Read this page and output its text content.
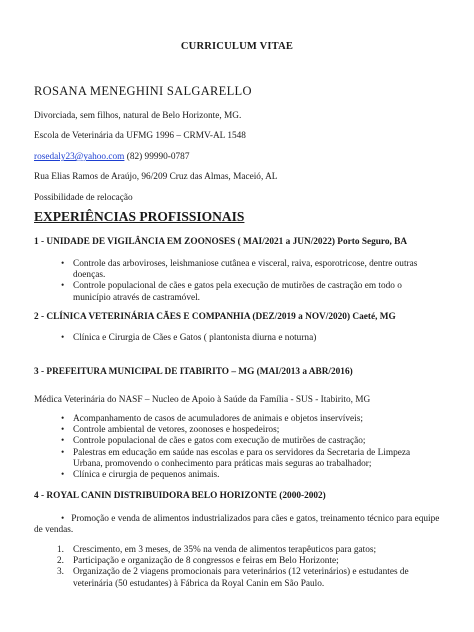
CURRICULUM VITAE
ROSANA MENEGHINI SALGARELLO
Divorciada, sem filhos, natural de Belo Horizonte, MG.
Escola de Veterinária da UFMG 1996 – CRMV-AL 1548
rosedaly23@yahoo.com (82) 99990-0787
Rua Elias Ramos de Araújo, 96/209 Cruz das Almas, Maceió, AL
Possibilidade de relocação
EXPERIÊNCIAS PROFISSIONAIS
1 - UNIDADE DE VIGILÂNCIA EM ZOONOSES ( MAI/2021 a JUN/2022) Porto Seguro, BA
• Controle das arboviroses, leishmaniose cutânea e visceral, raiva, esporotricose, dentre outras doenças.
• Controle populacional de cães e gatos pela execução de mutirões de castração em todo o município através de castramóvel.
2 - CLÍNICA VETERINÁRIA CÃES E COMPANHIA (DEZ/2019 a NOV/2020) Caeté, MG
• Clínica e Cirurgia de Cães e Gatos ( plantonista diurna e noturna)
3 - PREFEITURA MUNICIPAL DE ITABIRITO – MG (MAI/2013 a ABR/2016)
Médica Veterinária do NASF – Nucleo de Apoio à Saúde da Família - SUS - Itabirito, MG
• Acompanhamento de casos de acumuladores de animais e objetos inservíveis;
• Controle ambiental de vetores, zoonoses e hospedeiros;
• Controle populacional de cães e gatos com execução de mutirões de castração;
• Palestras em educação em saúde nas escolas e para os servidores da Secretaria de Limpeza Urbana, promovendo o conhecimento para práticas mais seguras ao trabalhador;
• Clínica e cirurgia de pequenos animais.
4 - ROYAL CANIN DISTRIBUIDORA BELO HORIZONTE (2000-2002)
• Promoção e venda de alimentos industrializados para cães e gatos, treinamento técnico para equipe de vendas.
1. Crescimento, em 3 meses, de 35% na venda de alimentos terapêuticos para gatos;
2. Participação e organização de 8 congressos e feiras em Belo Horizonte;
3. Organização de 2 viagens promocionais para veterinários (12 veterinários) e estudantes de veterinária (50 estudantes) à Fábrica da Royal Canin em São Paulo.
